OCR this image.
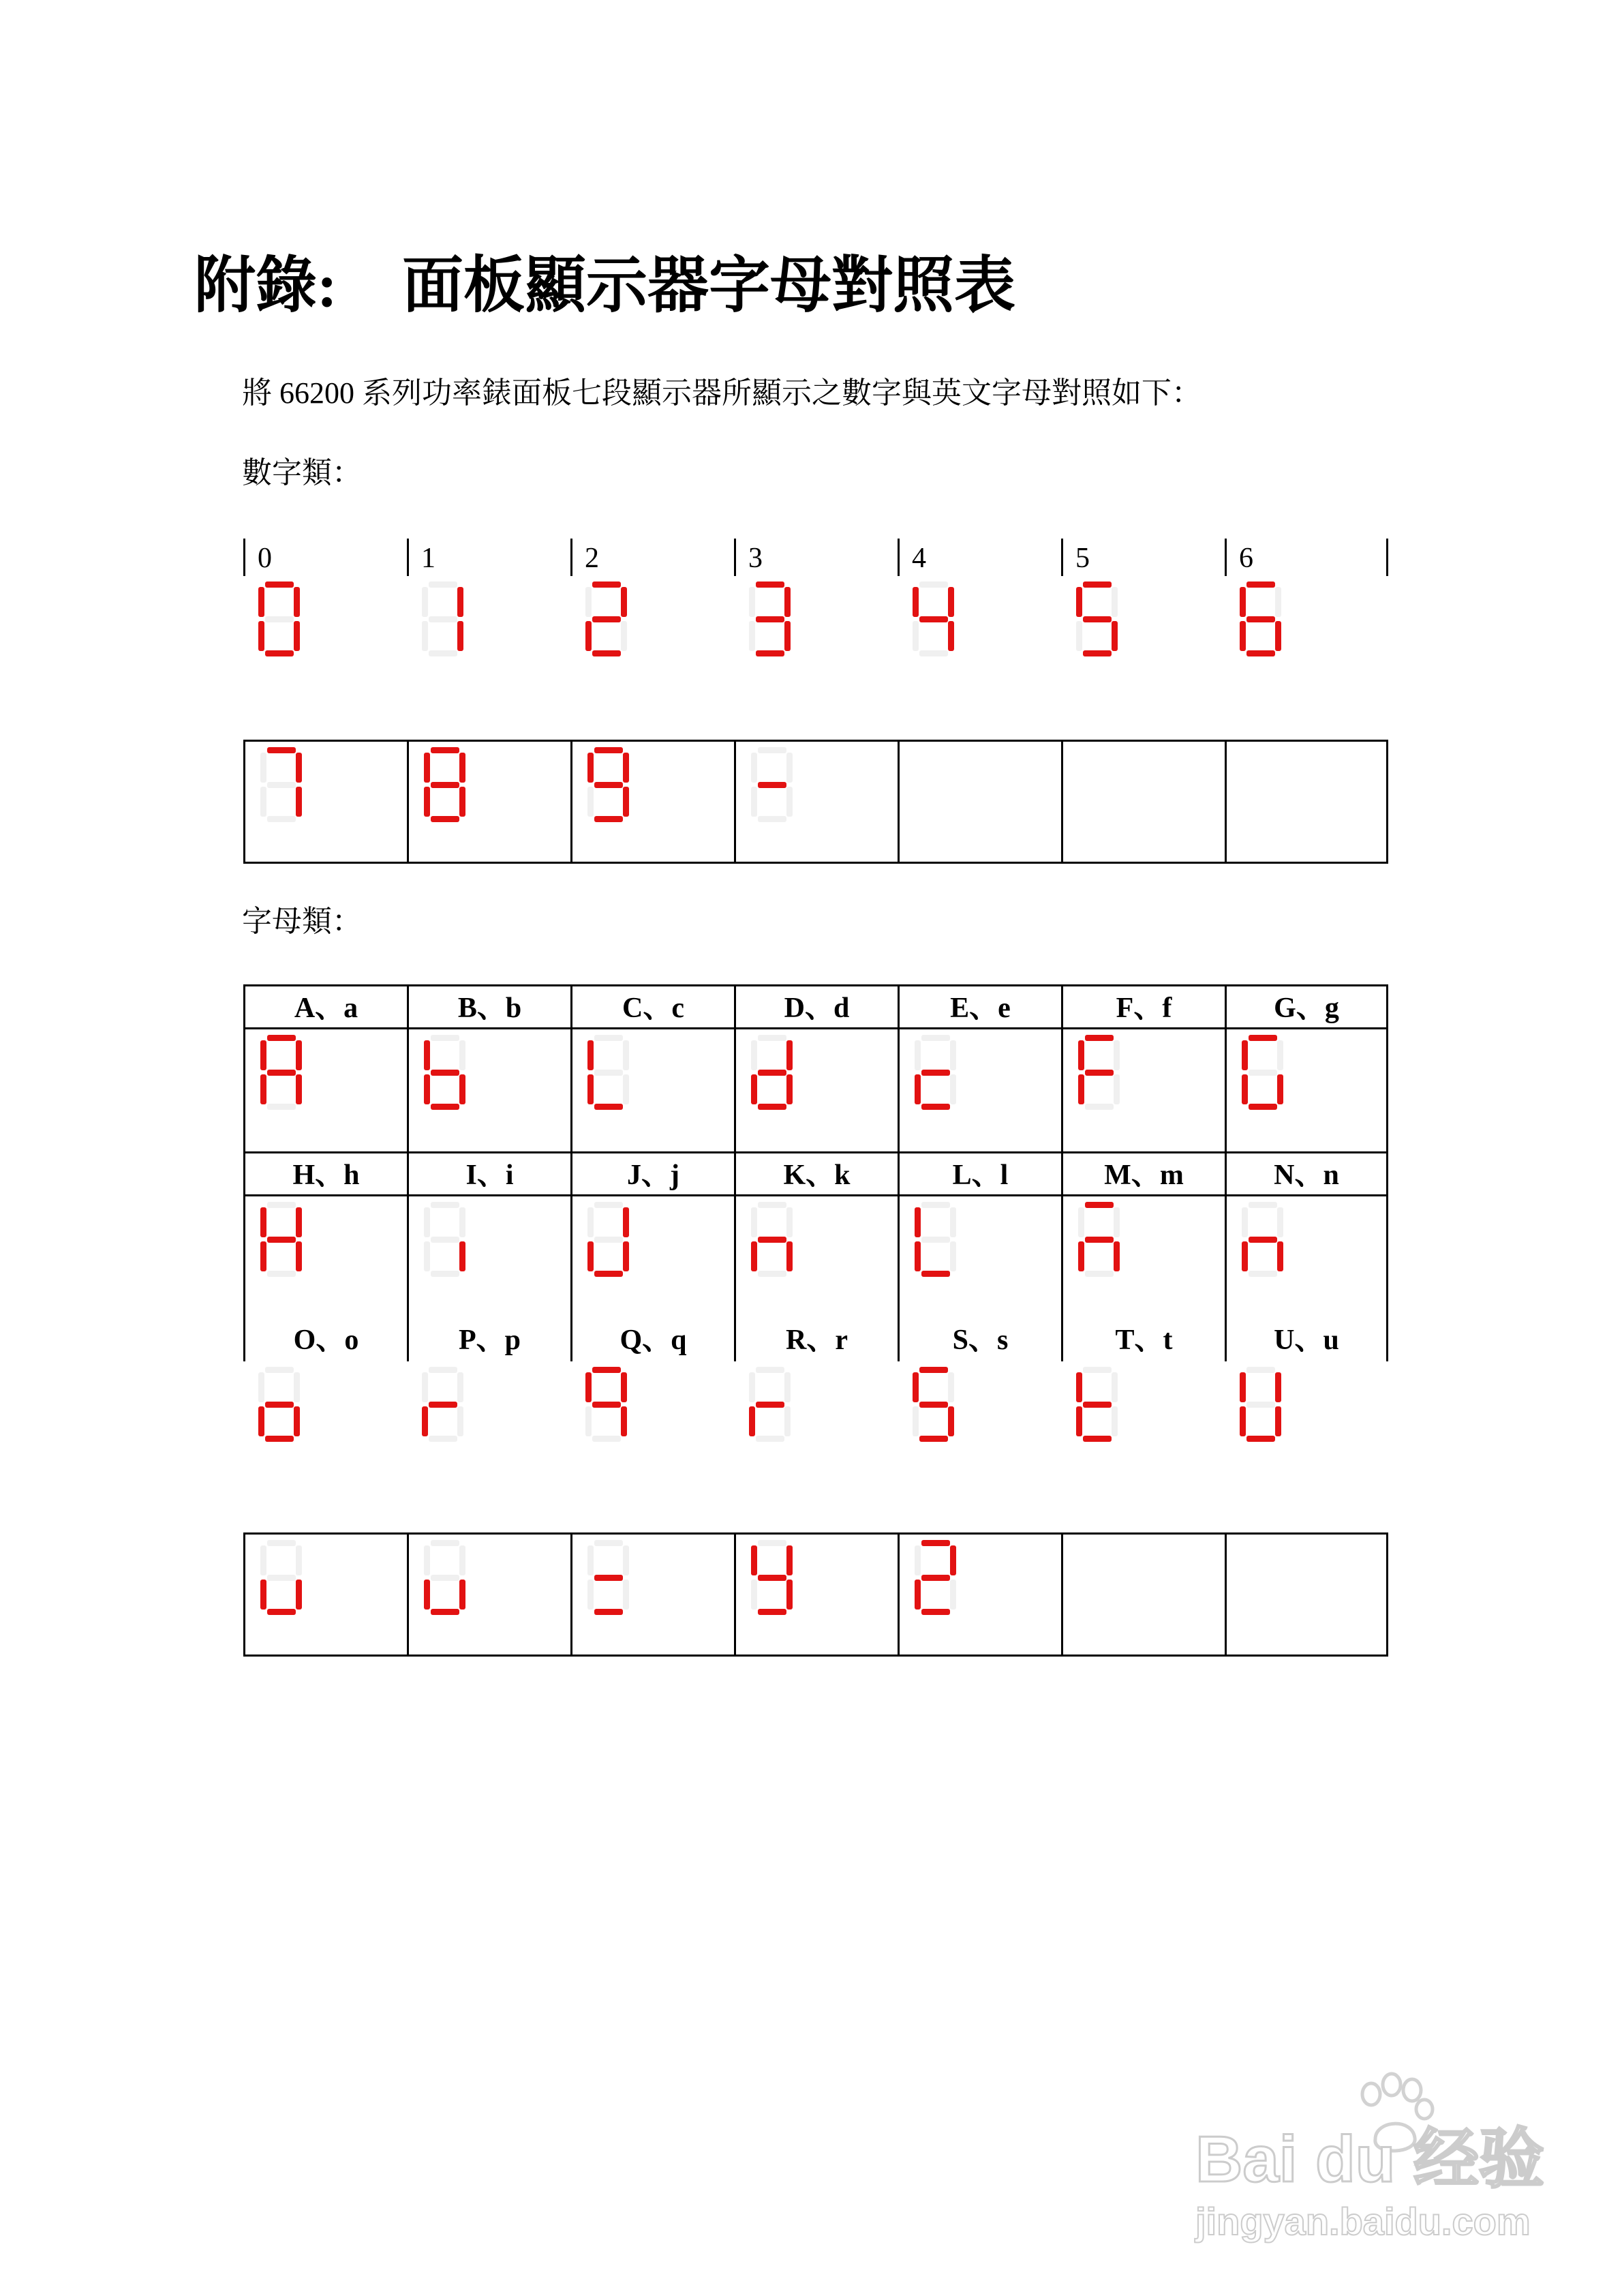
附錄: 面板顯示器字母對照表
將 66200 系列功率錶面板七段顯示器所顯示之數字與英文字母對照如下：
數字類：
0	1	2	3	4	5	6
字母類：
A、a	B、b	C、c	D、d	E、e	F、f	G、g
H、h	I、i	J、j	K、k	L、l	M、m	N、n
O、o	P、p	Q、q	R、r	S、s	T、t	U、u
Bai du 经验
jingyan.baidu.com
